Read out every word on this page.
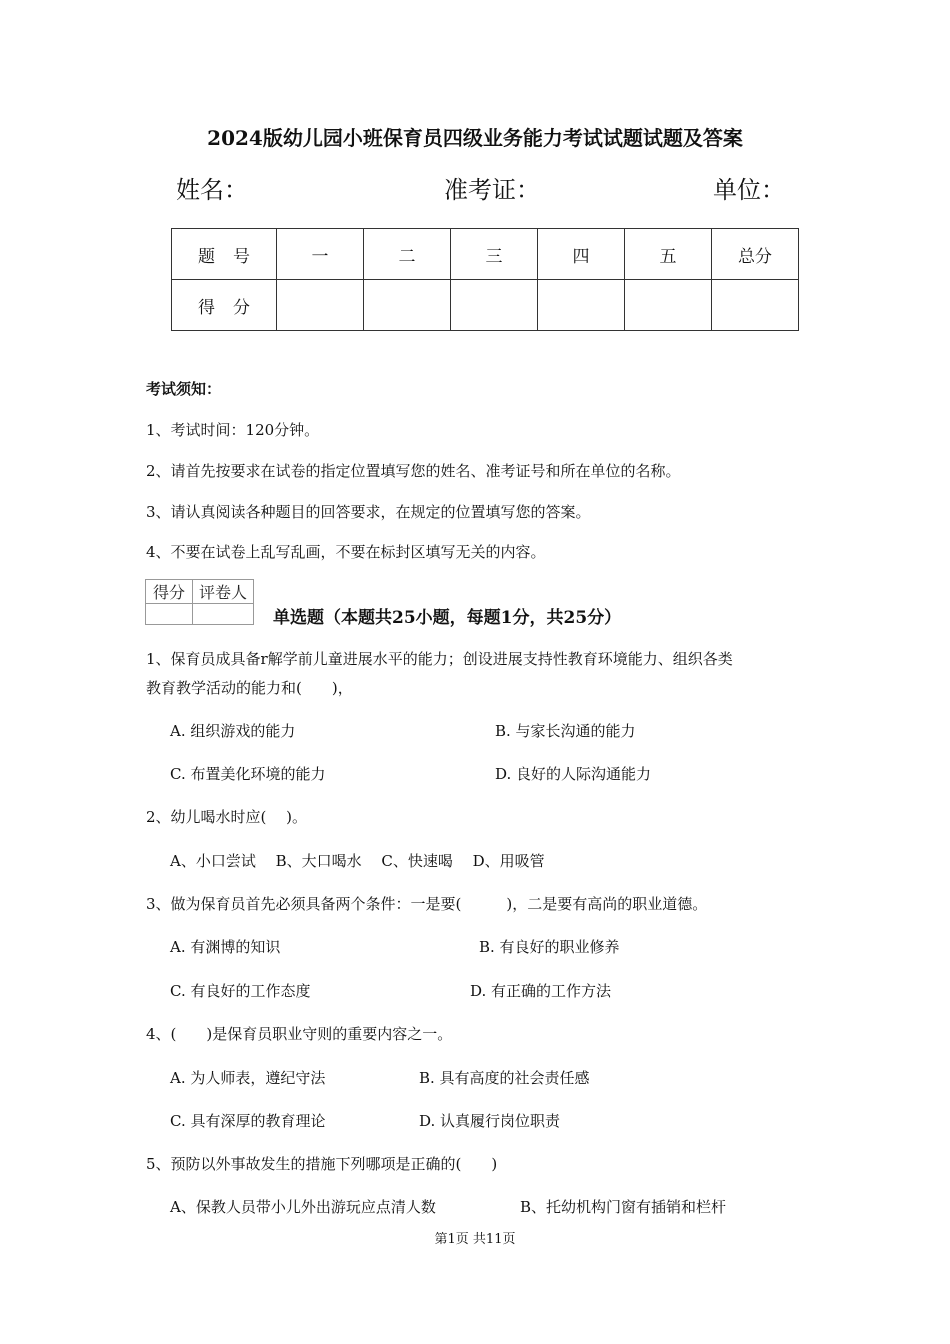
2024版幼儿园小班保育员四级业务能力考试试题试题及答案
姓名：	准考证：	单位：
题号	一	二	三	四	五	总分
得分						
考试须知：
1、考试时间：120分钟。
2、请首先按要求在试卷的指定位置填写您的姓名、准考证号和所在单位的名称。
3、请认真阅读各种题目的回答要求，在规定的位置填写您的答案。
4、不要在试卷上乱写乱画，不要在标封区填写无关的内容。
得分	评卷人

单选题（本题共25小题，每题1分，共25分）
1、保育员成具备r解学前儿童进展水平的能力；创设进展支持性教育环境能力、组织各类
教育教学活动的能力和(　　)，
A. 组织游戏的能力	B. 与家长沟通的能力
C. 布置美化环境的能力	D. 良好的人际沟通能力
2、幼儿喝水时应(　 )。
A、小口尝试　 B、大口喝水　 C、快速喝　 D、用吸管
3、做为保育员首先必须具备两个条件：一是要(　　　)，二是要有高尚的职业道德。
A. 有渊博的知识	B. 有良好的职业修养
C. 有良好的工作态度	D. 有正确的工作方法
4、(　　)是保育员职业守则的重要内容之一。
A. 为人师表，遵纪守法	B. 具有高度的社会责任感
C. 具有深厚的教育理论	D. 认真履行岗位职责
5、预防以外事故发生的措施下列哪项是正确的(　　)
A、保教人员带小儿外出游玩应点清人数	B、托幼机构门窗有插销和栏杆
第1页 共11页
